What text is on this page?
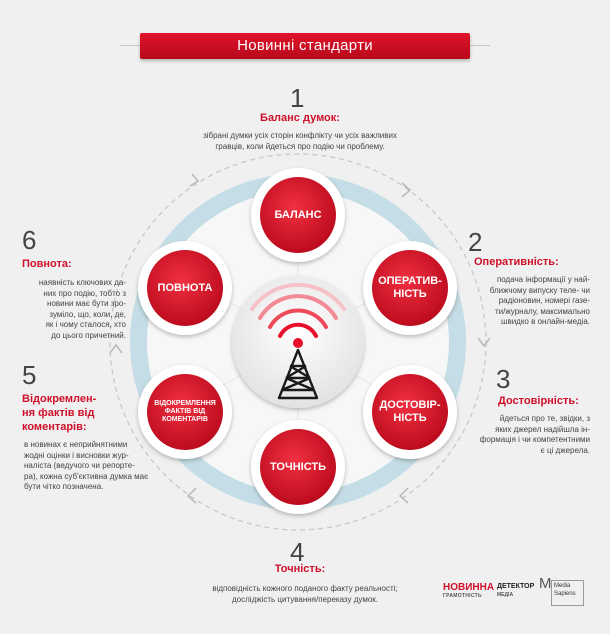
Новинні стандарти
БАЛАНС
ОПЕРАТИВ-
НІСТЬ
ДОСТОВІР-
НІСТЬ
ТОЧНІСТЬ
ВІДОКРЕМЛЕННЯ
ФАКТІВ ВІД
КОМЕНТАРІВ
ПОВНОТА
1
Баланс думок:
зібрані думки усіх сторін конфлікту чи усіх важливих
гравців, коли йдеться про подію чи проблему.
2
Оперативність:
подача інформації у най-
ближчому випуску теле- чи
радіоновин, номері газе-
ти/журналу, максимально
швидко в онлайн-медіа.
3
Достовірність:
йдеться про те, звідки, з
яких джерел надійшла ін-
формація і чи компетентними
є ці джерела.
4
Точність:
відповідність кожного поданого факту реальності;
досліджість цитування/переказу думок.
5
Відокремлен-
ня фактів від
коментарів:
в новинах є неприйнятними
жодні оцінки і висновки жур-
наліста (ведучого чи репорте-
ра), кожна суб'єктивна думка має
бути чітко позначена.
6
Повнота:
наявність ключових да-
них про подію, тобто з
новини має бути зро-
зуміло, що, коли, де,
як і чому сталося, хто
до цього причетний.
НОВИННА
ГРАМОТНІСТЬ
ДЕТЕКТОР
МЕДІА
M Media
Sapiens
